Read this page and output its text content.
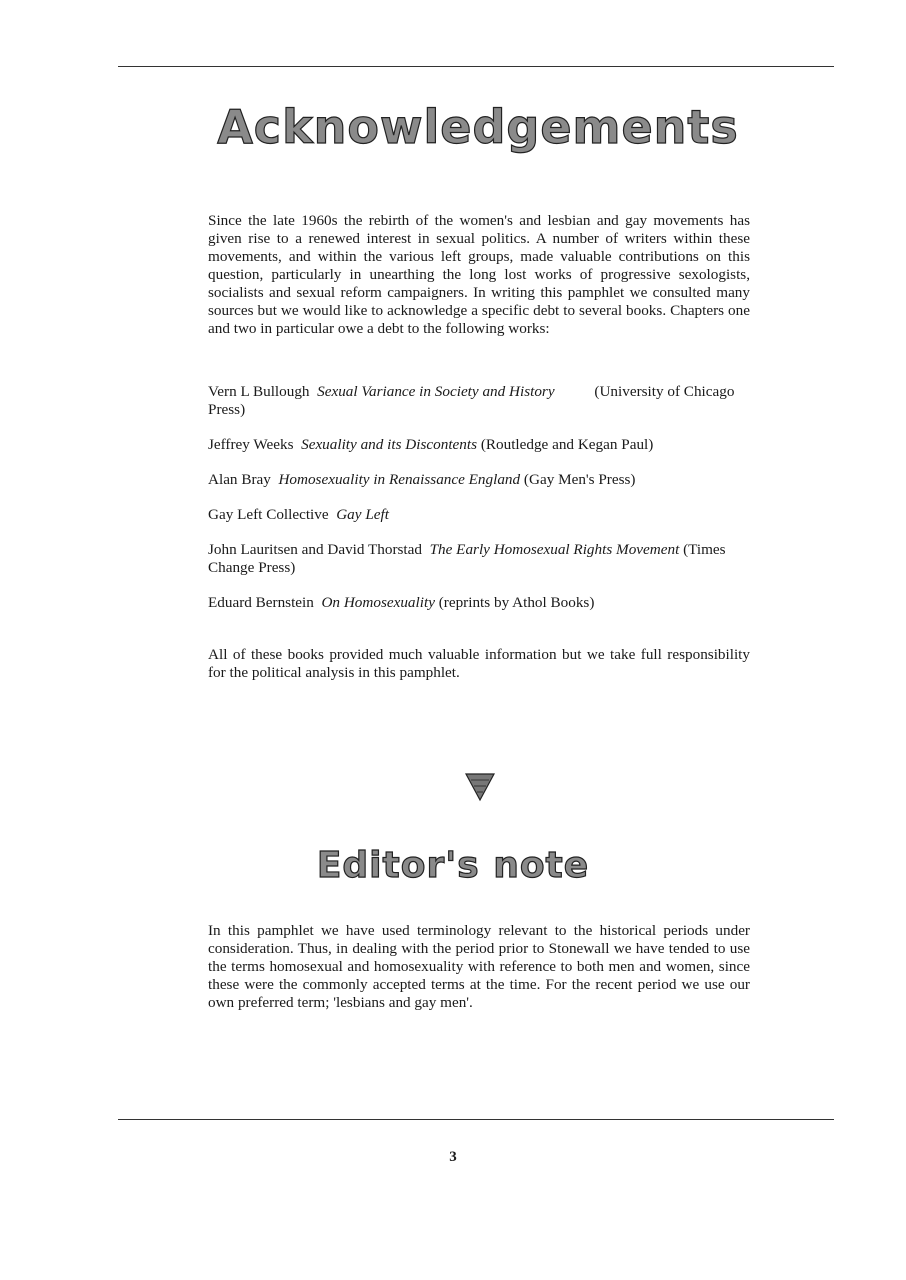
Acknowledgements

Since the late 1960s the rebirth of the women's and lesbian and gay movements has given rise to a renewed interest in sexual politics. A number of writers within these movements, and within the various left groups, made valuable contributions on this question, particularly in unearthing the long lost works of progressive sexologists, socialists and sexual reform campaigners. In writing this pamphlet we consulted many sources but we would like to acknowledge a specific debt to several books. Chapters one and two in particular owe a debt to the following works:

Vern L Bullough Sexual Variance in Society and History	(University of Chicago Press)
Jeffrey Weeks Sexuality and its Discontents (Routledge and Kegan Paul)
Alan Bray Homosexuality in Renaissance England (Gay Men's Press)
Gay Left Collective Gay Left
John Lauritsen and David Thorstad The Early Homosexual Rights Movement (Times Change Press)
Eduard Bernstein On Homosexuality (reprints by Athol Books)

All of these books provided much valuable information but we take full responsibility for the political analysis in this pamphlet.

Editor's note

In this pamphlet we have used terminology relevant to the historical periods under consideration. Thus, in dealing with the period prior to Stonewall we have tended to use the terms homosexual and homosexuality with reference to both men and women, since these were the commonly accepted terms at the time. For the recent period we use our own preferred term; 'lesbians and gay men'.

3
